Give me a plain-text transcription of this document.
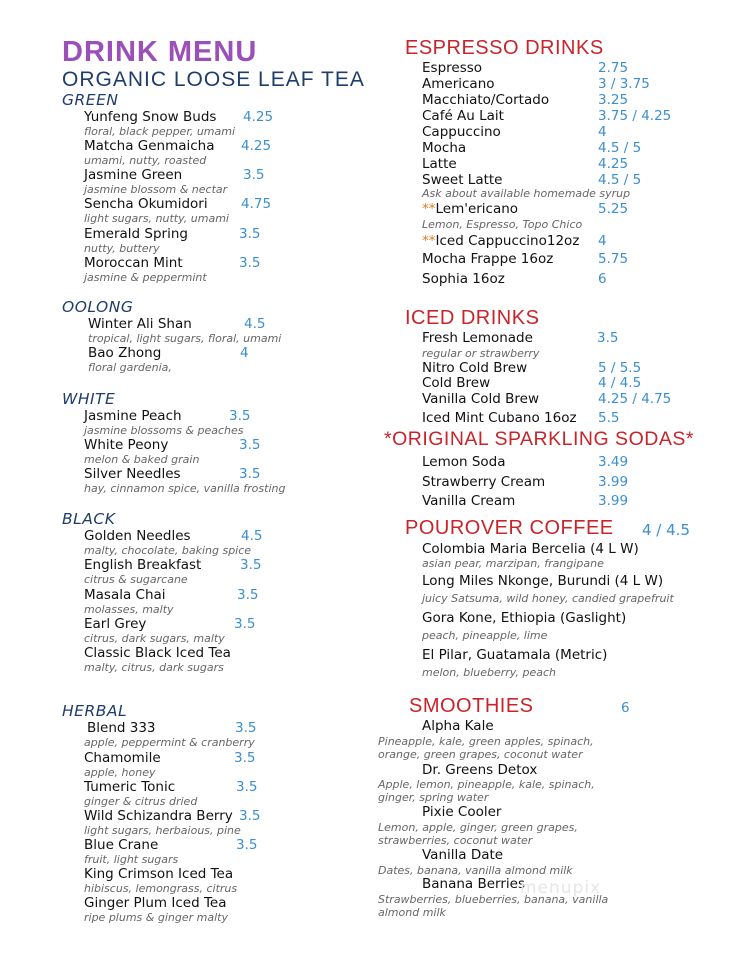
DRINK MENU
ORGANIC LOOSE LEAF TEA
GREEN
Yunfeng Snow Buds 4.25
floral, black pepper, umami
Matcha Genmaicha 4.25
umami, nutty, roasted
Jasmine Green	3.5
jasmine blossom & nectar
Sencha Okumidori 4.75
light sugars, nutty, umami
Emerald Spring	3.5
nutty, buttery
Moroccan Mint	3.5
jasmine & peppermint
OOLONG
Winter Ali Shan	4.5
tropical, light sugars, floral, umami
Bao Zhong	4
floral gardenia,
WHITE
Jasmine Peach	3.5
jasmine blossoms & peaches
White Peony	3.5
melon & baked grain
Silver Needles	3.5
hay, cinnamon spice, vanilla frosting
BLACK
Golden Needles	4.5
malty, chocolate, baking spice
English Breakfast	3.5
citrus & sugarcane
Masala Chai	3.5
molasses, malty
Earl Grey	3.5
citrus, dark sugars, malty
Classic Black Iced Tea
malty, citrus, dark sugars
HERBAL
Blend 333	3.5
apple, peppermint & cranberry
Chamomile	3.5
apple, honey
Tumeric Tonic	3.5
ginger & citrus dried
Wild Schizandra Berry 3.5
light sugars, herbaious, pine
Blue Crane	3.5
fruit, light sugars
King Crimson Iced Tea
hibiscus, lemongrass, citrus
Ginger Plum Iced Tea
ripe plums & ginger malty
ESPRESSO DRINKS
Espresso	2.75
Americano	3 / 3.75
Macchiato/Cortado	3.25
Café Au Lait	3.75 / 4.25
Cappuccino	4
Mocha	4.5 / 5
Latte	4.25
Sweet Latte	4.5 / 5
Ask about available homemade syrup
**Lem'ericano	5.25
Lemon, Espresso, Topo Chico
**Iced Cappuccino12oz 4
Mocha Frappe 16oz	5.75
Sophia 16oz	6
ICED DRINKS
Fresh Lemonade	3.5
regular or strawberry
Nitro Cold Brew	5 / 5.5
Cold Brew	4 / 4.5
Vanilla Cold Brew	4.25 / 4.75
Iced Mint Cubano 16oz 5.5
*ORIGINAL SPARKLING SODAS*
Lemon Soda	3.49
Strawberry Cream	3.99
Vanilla Cream	3.99
POUROVER COFFEE 4 / 4.5
Colombia Maria Bercelia (4 L W)
asian pear, marzipan, frangipane
Long Miles Nkonge, Burundi (4 L W)
juicy Satsuma, wild honey, candied grapefruit
Gora Kone, Ethiopia (Gaslight)
peach, pineapple, lime
El Pilar, Guatamala (Metric)
melon, blueberry, peach
SMOOTHIES	6
Alpha Kale
Pineapple, kale, green apples, spinach,
orange, green grapes, coconut water
Dr. Greens Detox
Apple, lemon, pineapple, kale, spinach,
ginger, spring water
Pixie Cooler
Lemon, apple, ginger, green grapes,
strawberries, coconut water
Vanilla Date
Dates, banana, vanilla almond milk
Banana Berries
Strawberries, blueberries, banana, vanilla
almond milk
menupix
